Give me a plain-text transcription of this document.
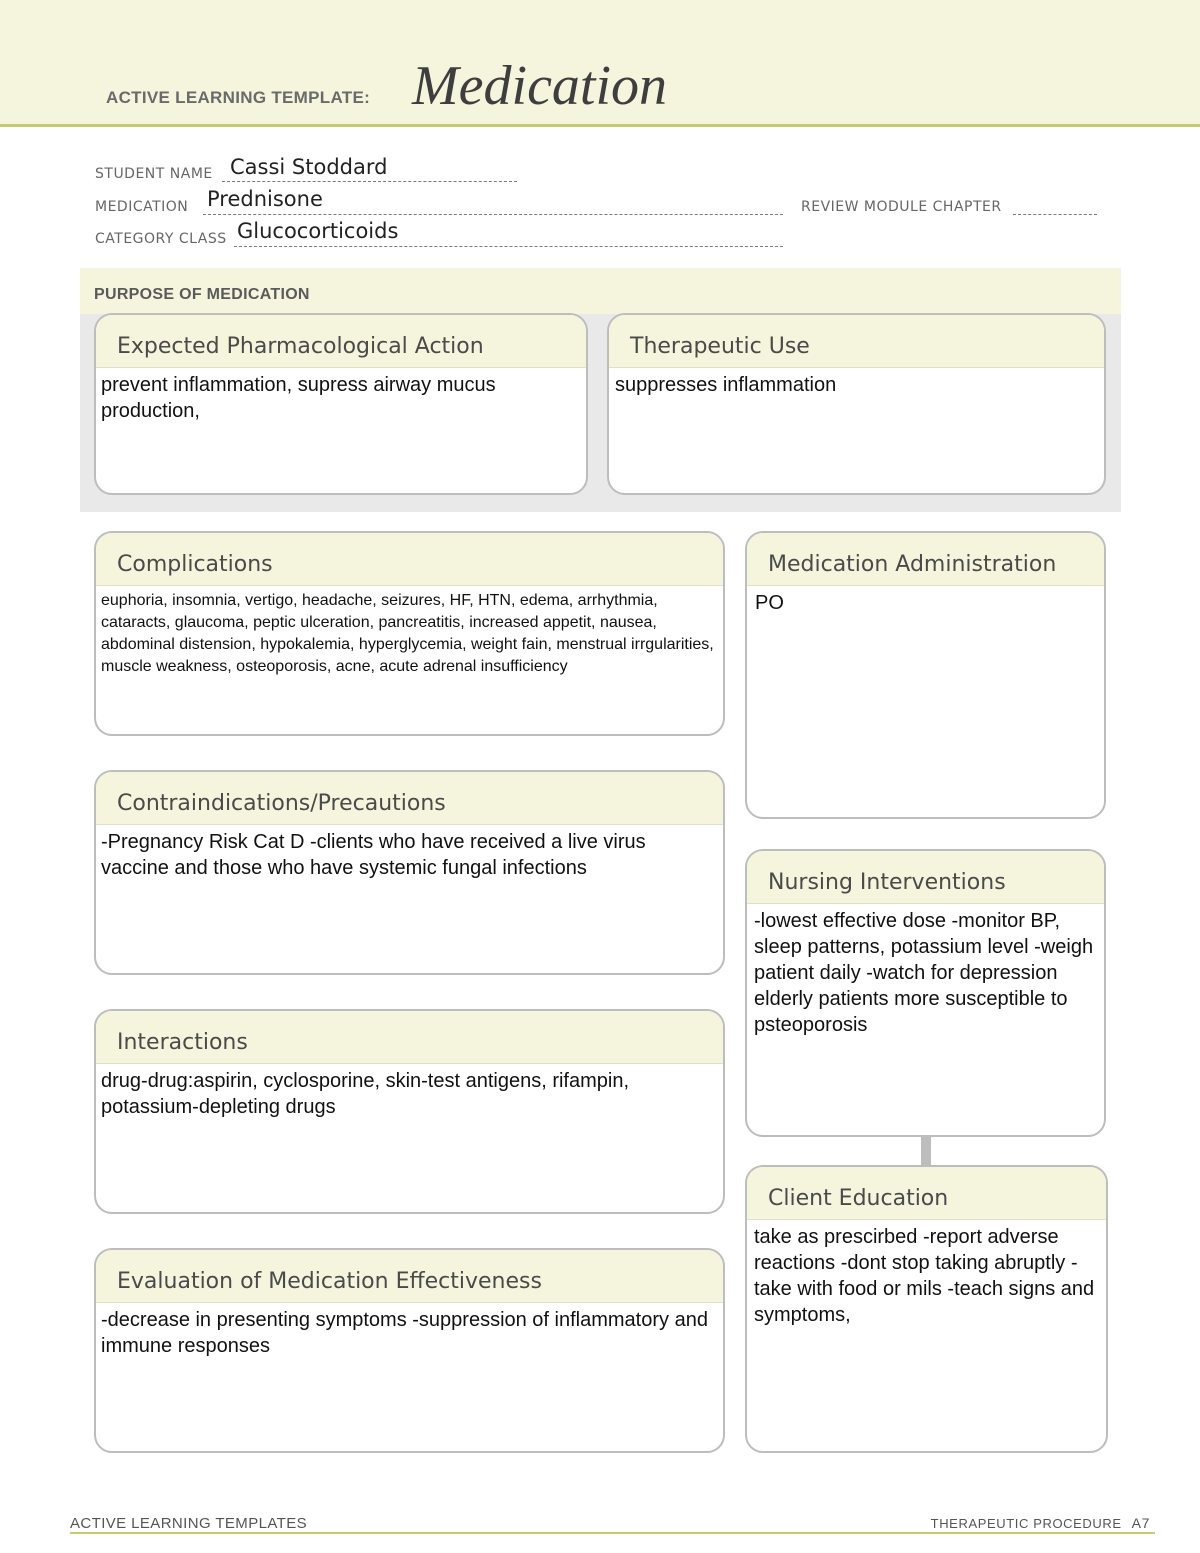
ACTIVE LEARNING TEMPLATE: Medication
STUDENT NAME Cassi Stoddard
MEDICATION Prednisone	REVIEW MODULE CHAPTER
CATEGORY CLASS Glucocorticoids
PURPOSE OF MEDICATION
Expected Pharmacological Action
prevent inflammation, supress airway mucus production,
Therapeutic Use
suppresses inflammation
Complications
euphoria, insomnia, vertigo, headache, seizures, HF, HTN, edema, arrhythmia, cataracts, glaucoma, peptic ulceration, pancreatitis, increased appetit, nausea, abdominal distension, hypokalemia, hyperglycemia, weight fain, menstrual irrgularities, muscle weakness, osteoporosis, acne, acute adrenal insufficiency
Contraindications/Precautions
-Pregnancy Risk Cat D -clients who have received a live virus vaccine and those who have systemic fungal infections
Interactions
drug-drug:aspirin, cyclosporine, skin-test antigens, rifampin, potassium-depleting drugs
Evaluation of Medication Effectiveness
-decrease in presenting symptoms -suppression of inflammatory and immune responses
Medication Administration
PO
Nursing Interventions
-lowest effective dose -monitor BP, sleep patterns, potassium level -weigh patient daily -watch for depression elderly patients more susceptible to psteoporosis
Client Education
take as prescirbed -report adverse reactions -dont stop taking abruptly -take with food or mils -teach signs and symptoms,
ACTIVE LEARNING TEMPLATES	THERAPEUTIC PROCEDURE A7
